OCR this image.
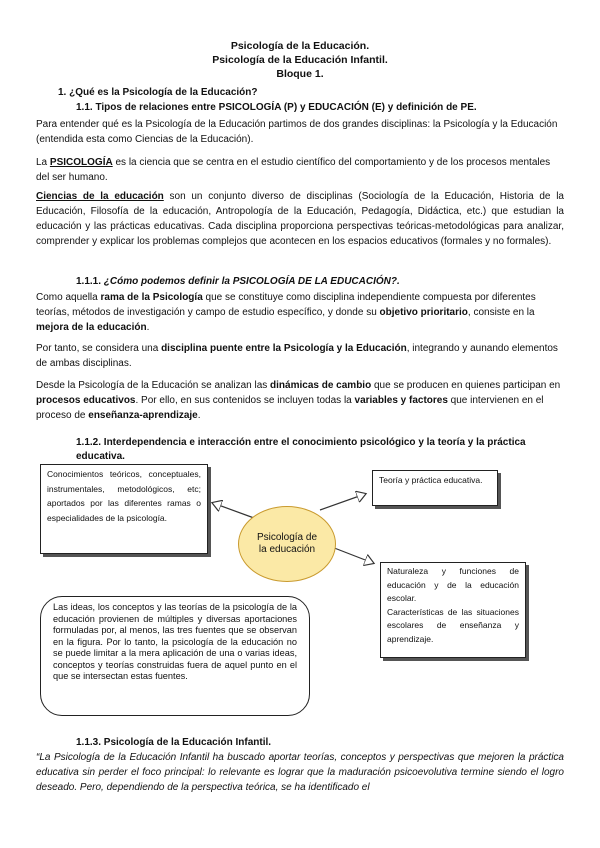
Psicología de la Educación.
Psicología de la Educación Infantil.
Bloque 1.
1. ¿Qué es la Psicología de la Educación?
1.1. Tipos de relaciones entre PSICOLOGÍA (P) y EDUCACIÓN (E) y definición de PE.
Para entender qué es la Psicología de la Educación partimos de dos grandes disciplinas: la Psicología y la Educación (entendida esta como Ciencias de la Educación).
La PSICOLOGÍA es la ciencia que se centra en el estudio científico del comportamiento y de los procesos mentales del ser humano.
Ciencias de la educación son un conjunto diverso de disciplinas (Sociología de la Educación, Historia de la Educación, Filosofía de la educación, Antropología de la Educación, Pedagogía, Didáctica, etc.) que estudian la educación y las prácticas educativas. Cada disciplina proporciona perspectivas teóricas-metodológicas para analizar, comprender y explicar los problemas complejos que acontecen en los espacios educativos (formales y no formales).
1.1.1. ¿Cómo podemos definir la PSICOLOGÍA DE LA EDUCACIÓN?.
Como aquella rama de la Psicología que se constituye como disciplina independiente compuesta por diferentes teorías, métodos de investigación y campo de estudio específico, y donde su objetivo prioritario, consiste en la mejora de la educación.
Por tanto, se considera una disciplina puente entre la Psicología y la Educación, integrando y aunando elementos de ambas disciplinas.
Desde la Psicología de la Educación se analizan las dinámicas de cambio que se producen en quienes participan en procesos educativos. Por ello, en sus contenidos se incluyen todas la variables y factores que intervienen en el proceso de enseñanza-aprendizaje.
1.1.2. Interdependencia e interacción entre el conocimiento psicológico y la teoría y la práctica educativa.
Conocimientos teóricos, conceptuales, instrumentales, metodológicos, etc; aportados por las diferentes ramas o especialidades de la psicología.
Psicología de la educación
Teoría y práctica educativa.
Naturaleza y funciones de educación y de la educación escolar.
Características de las situaciones escolares de enseñanza y aprendizaje.
Las ideas, los conceptos y las teorías de la psicología de la educación provienen de múltiples y diversas aportaciones formuladas por, al menos, las tres fuentes que se observan en la figura. Por lo tanto, la psicología de la educación no se puede limitar a la mera aplicación de una o varias ideas, conceptos y teorías construidas fuera de aquel punto en el que se intersectan estas fuentes.
1.1.3. Psicología de la Educación Infantil.
“La Psicología de la Educación Infantil ha buscado aportar teorías, conceptos y perspectivas que mejoren la práctica educativa sin perder el foco principal: lo relevante es lograr que la maduración psicoevolutiva termine siendo el logro deseado. Pero, dependiendo de la perspectiva teórica, se ha identificado el
